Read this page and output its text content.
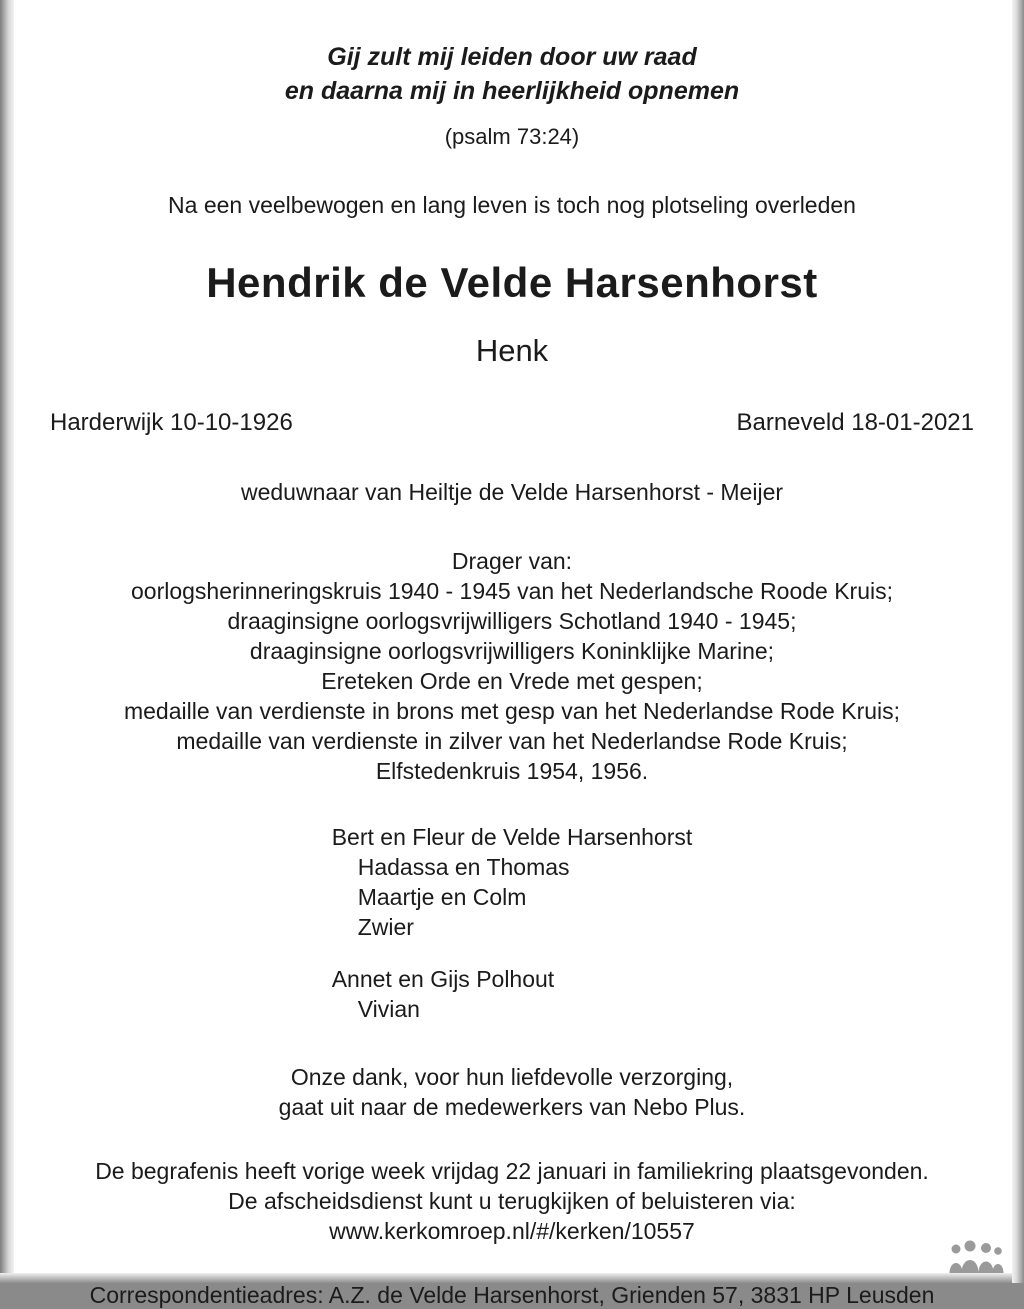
Gij zult mij leiden door uw raad
en daarna mij in heerlijkheid opnemen
(psalm 73:24)
Na een veelbewogen en lang leven is toch nog plotseling overleden
Hendrik de Velde Harsenhorst
Henk
Harderwijk 10-10-1926	Barneveld 18-01-2021
weduwnaar van Heiltje de Velde Harsenhorst - Meijer
Drager van:
oorlogsherinneringskruis 1940 - 1945 van het Nederlandsche Roode Kruis;
draaginsigne oorlogsvrijwilligers Schotland 1940 - 1945;
draaginsigne oorlogsvrijwilligers Koninklijke Marine;
Ereteken Orde en Vrede met gespen;
medaille van verdienste in brons met gesp van het Nederlandse Rode Kruis;
medaille van verdienste in zilver van het Nederlandse Rode Kruis;
Elfstedenkruis 1954, 1956.
Bert en Fleur de Velde Harsenhorst
Hadassa en Thomas
Maartje en Colm
Zwier
Annet en Gijs Polhout
Vivian
Onze dank, voor hun liefdevolle verzorging,
gaat uit naar de medewerkers van Nebo Plus.
De begrafenis heeft vorige week vrijdag 22 januari in familiekring plaatsgevonden.
De afscheidsdienst kunt u terugkijken of beluisteren via:
www.kerkomroep.nl/#/kerken/10557
Correspondentieadres: A.Z. de Velde Harsenhorst, Grienden 57, 3831 HP Leusden
